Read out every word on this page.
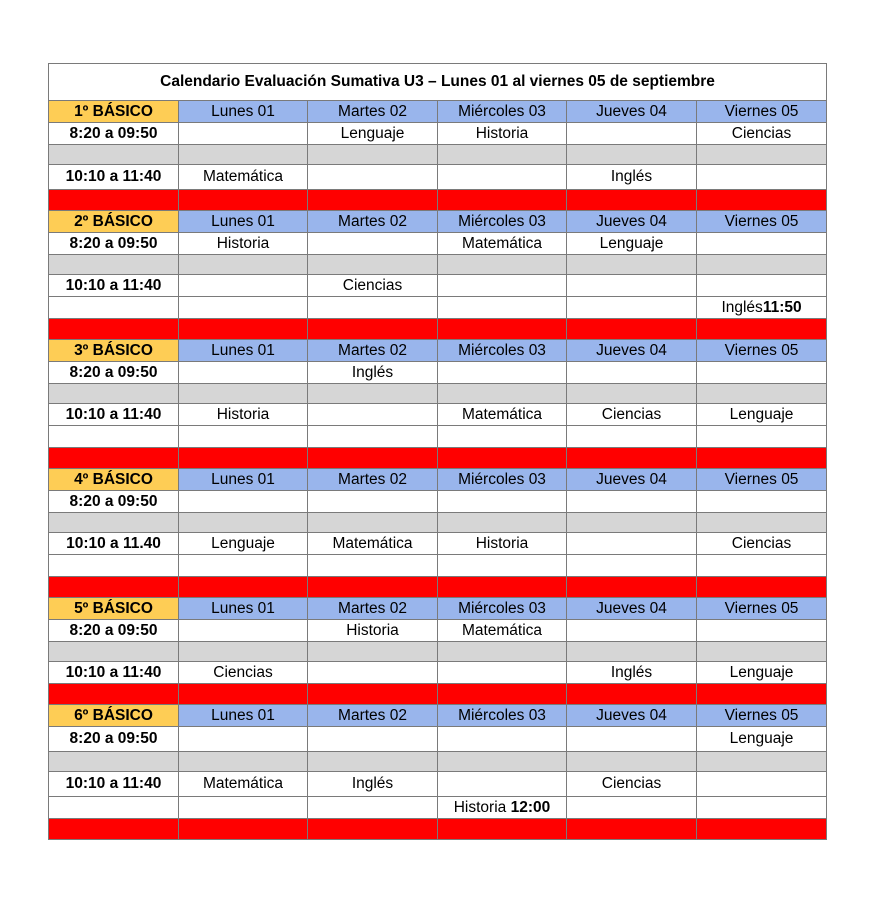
Calendario Evaluación Sumativa U3 – Lunes 01 al viernes 05 de septiembre					
1º BÁSICO	Lunes 01	Martes 02	Miércoles 03	Jueves 04	Viernes 05
8:20 a 09:50		Lenguaje	Historia		Ciencias

10:10 a 11:40	Matemática			Inglés	

2º BÁSICO	Lunes 01	Martes 02	Miércoles 03	Jueves 04	Viernes 05
8:20 a 09:50	Historia		Matemática	Lenguaje	

10:10 a 11:40		Ciencias			
					Inglés11:50

3º BÁSICO	Lunes 01	Martes 02	Miércoles 03	Jueves 04	Viernes 05
8:20 a 09:50		Inglés			

10:10 a 11:40	Historia		Matemática	Ciencias	Lenguaje

4º BÁSICO	Lunes 01	Martes 02	Miércoles 03	Jueves 04	Viernes 05
8:20 a 09:50					

10:10 a 11.40	Lenguaje	Matemática	Historia		Ciencias

5º BÁSICO	Lunes 01	Martes 02	Miércoles 03	Jueves 04	Viernes 05
8:20 a 09:50		Historia	Matemática		

10:10 a 11:40	Ciencias			Inglés	Lenguaje

6º BÁSICO	Lunes 01	Martes 02	Miércoles 03	Jueves 04	Viernes 05
8:20 a 09:50					Lenguaje

10:10 a 11:40	Matemática	Inglés		Ciencias	
			Historia 12:00		
